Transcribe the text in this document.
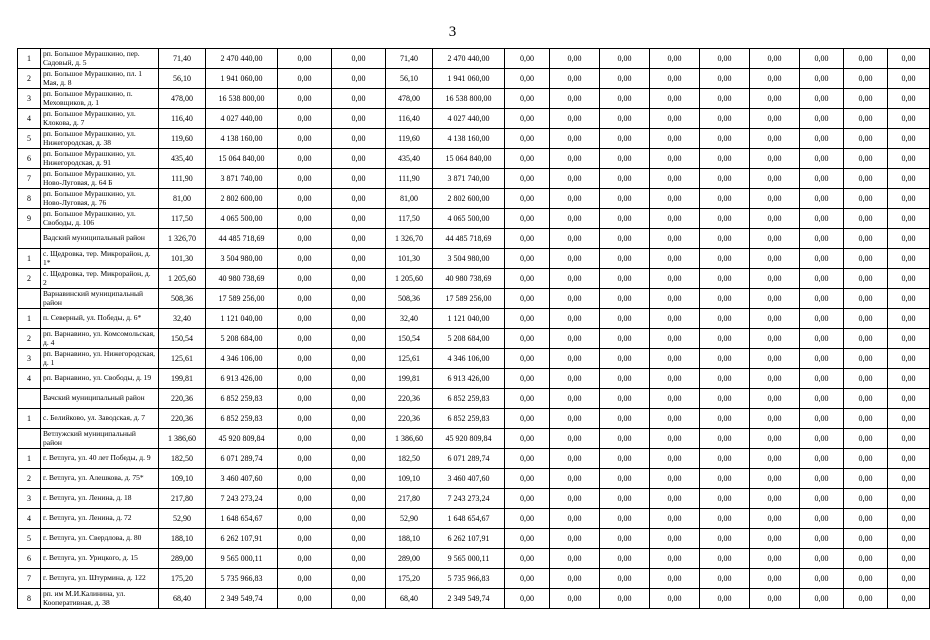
3
1	рп. Большое Мурашкино, пер. Садовый, д. 5	71,40	2 470 440,00	0,00	0,00	71,40	2 470 440,00	0,00	0,00	0,00	0,00	0,00	0,00	0,00	0,00	0,00
2	рп. Большое Мурашкино, пл. 1 Мая, д. 8	56,10	1 941 060,00	0,00	0,00	56,10	1 941 060,00	0,00	0,00	0,00	0,00	0,00	0,00	0,00	0,00	0,00
3	рп. Большое Мурашкино, п. Меховщиков, д. 1	478,00	16 538 800,00	0,00	0,00	478,00	16 538 800,00	0,00	0,00	0,00	0,00	0,00	0,00	0,00	0,00	0,00
4	рп. Большое Мурашкино, ул. Клокова, д. 7	116,40	4 027 440,00	0,00	0,00	116,40	4 027 440,00	0,00	0,00	0,00	0,00	0,00	0,00	0,00	0,00	0,00
5	рп. Большое Мурашкино, ул. Нижегородская, д. 38	119,60	4 138 160,00	0,00	0,00	119,60	4 138 160,00	0,00	0,00	0,00	0,00	0,00	0,00	0,00	0,00	0,00
6	рп. Большое Мурашкино, ул. Нижегородская, д. 91	435,40	15 064 840,00	0,00	0,00	435,40	15 064 840,00	0,00	0,00	0,00	0,00	0,00	0,00	0,00	0,00	0,00
7	рп. Большое Мурашкино, ул. Ново-Луговая, д. 64 Б	111,90	3 871 740,00	0,00	0,00	111,90	3 871 740,00	0,00	0,00	0,00	0,00	0,00	0,00	0,00	0,00	0,00
8	рп. Большое Мурашкино, ул. Ново-Луговая, д. 76	81,00	2 802 600,00	0,00	0,00	81,00	2 802 600,00	0,00	0,00	0,00	0,00	0,00	0,00	0,00	0,00	0,00
9	рп. Большое Мурашкино, ул. Свободы, д. 106	117,50	4 065 500,00	0,00	0,00	117,50	4 065 500,00	0,00	0,00	0,00	0,00	0,00	0,00	0,00	0,00	0,00
	Вадский муниципальный район	1 326,70	44 485 718,69	0,00	0,00	1 326,70	44 485 718,69	0,00	0,00	0,00	0,00	0,00	0,00	0,00	0,00	0,00
1	с. Щедровка, тер. Микрорайон, д. 1*	101,30	3 504 980,00	0,00	0,00	101,30	3 504 980,00	0,00	0,00	0,00	0,00	0,00	0,00	0,00	0,00	0,00
2	с. Щедровка, тер. Микрорайон, д. 2	1 205,60	40 980 738,69	0,00	0,00	1 205,60	40 980 738,69	0,00	0,00	0,00	0,00	0,00	0,00	0,00	0,00	0,00
	Варнавинский муниципальный район	508,36	17 589 256,00	0,00	0,00	508,36	17 589 256,00	0,00	0,00	0,00	0,00	0,00	0,00	0,00	0,00	0,00
1	п. Северный, ул. Победы, д. 6*	32,40	1 121 040,00	0,00	0,00	32,40	1 121 040,00	0,00	0,00	0,00	0,00	0,00	0,00	0,00	0,00	0,00
2	рп. Варнавино, ул. Комсомольская, д. 4	150,54	5 208 684,00	0,00	0,00	150,54	5 208 684,00	0,00	0,00	0,00	0,00	0,00	0,00	0,00	0,00	0,00
3	рп. Варнавино, ул. Нижегородская, д. 1	125,61	4 346 106,00	0,00	0,00	125,61	4 346 106,00	0,00	0,00	0,00	0,00	0,00	0,00	0,00	0,00	0,00
4	рп. Варнавино, ул. Свободы, д. 19	199,81	6 913 426,00	0,00	0,00	199,81	6 913 426,00	0,00	0,00	0,00	0,00	0,00	0,00	0,00	0,00	0,00
	Вачский муниципальный район	220,36	6 852 259,83	0,00	0,00	220,36	6 852 259,83	0,00	0,00	0,00	0,00	0,00	0,00	0,00	0,00	0,00
1	с. Белийково, ул. Заводская, д. 7	220,36	6 852 259,83	0,00	0,00	220,36	6 852 259,83	0,00	0,00	0,00	0,00	0,00	0,00	0,00	0,00	0,00
	Ветлужский муниципальный район	1 386,60	45 920 809,84	0,00	0,00	1 386,60	45 920 809,84	0,00	0,00	0,00	0,00	0,00	0,00	0,00	0,00	0,00
1	г. Ветлуга, ул. 40 лет Победы, д. 9	182,50	6 071 289,74	0,00	0,00	182,50	6 071 289,74	0,00	0,00	0,00	0,00	0,00	0,00	0,00	0,00	0,00
2	г. Ветлуга, ул. Алешкова, д. 75*	109,10	3 460 407,60	0,00	0,00	109,10	3 460 407,60	0,00	0,00	0,00	0,00	0,00	0,00	0,00	0,00	0,00
3	г. Ветлуга, ул. Ленина, д. 18	217,80	7 243 273,24	0,00	0,00	217,80	7 243 273,24	0,00	0,00	0,00	0,00	0,00	0,00	0,00	0,00	0,00
4	г. Ветлуга, ул. Ленина, д. 72	52,90	1 648 654,67	0,00	0,00	52,90	1 648 654,67	0,00	0,00	0,00	0,00	0,00	0,00	0,00	0,00	0,00
5	г. Ветлуга, ул. Свердлова, д. 80	188,10	6 262 107,91	0,00	0,00	188,10	6 262 107,91	0,00	0,00	0,00	0,00	0,00	0,00	0,00	0,00	0,00
6	г. Ветлуга, ул. Урицкого, д. 15	289,00	9 565 000,11	0,00	0,00	289,00	9 565 000,11	0,00	0,00	0,00	0,00	0,00	0,00	0,00	0,00	0,00
7	г. Ветлуга, ул. Штурмина, д. 122	175,20	5 735 966,83	0,00	0,00	175,20	5 735 966,83	0,00	0,00	0,00	0,00	0,00	0,00	0,00	0,00	0,00
8	рп. им М.И.Калинина, ул. Кооперативная, д. 38	68,40	2 349 549,74	0,00	0,00	68,40	2 349 549,74	0,00	0,00	0,00	0,00	0,00	0,00	0,00	0,00	0,00
